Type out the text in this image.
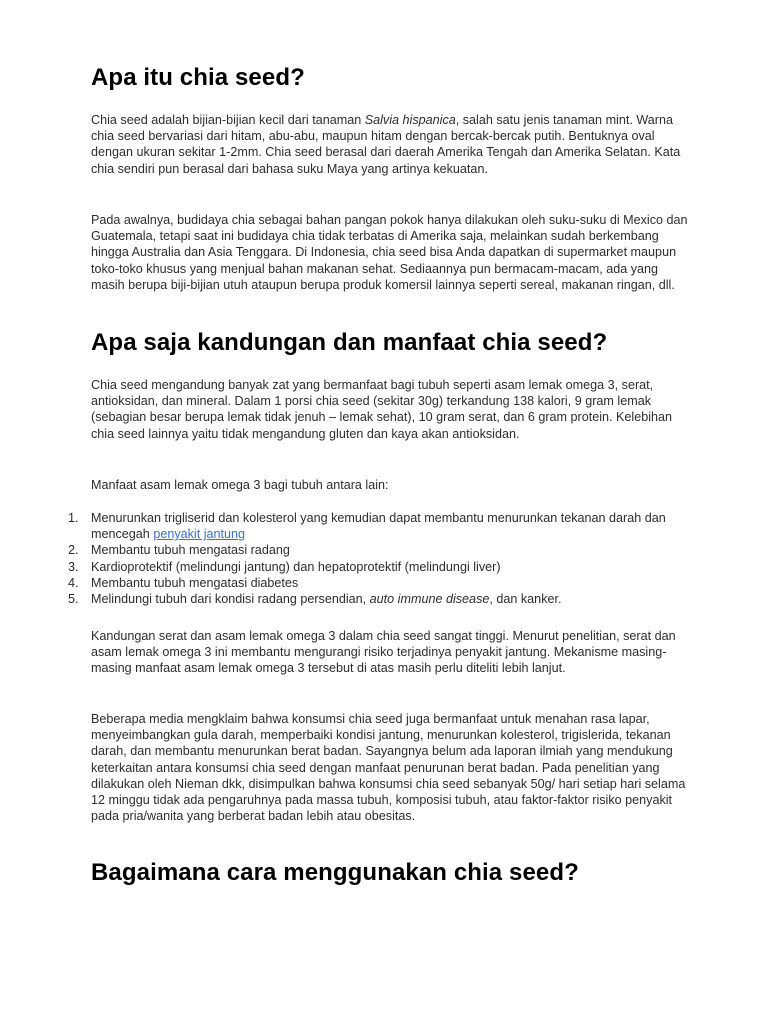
Apa itu chia seed?

Chia seed adalah bijian-bijian kecil dari tanaman Salvia hispanica, salah satu jenis tanaman mint. Warna chia seed bervariasi dari hitam, abu-abu, maupun hitam dengan bercak-bercak putih. Bentuknya oval dengan ukuran sekitar 1-2mm. Chia seed berasal dari daerah Amerika Tengah dan Amerika Selatan. Kata chia sendiri pun berasal dari bahasa suku Maya yang artinya kekuatan.

Pada awalnya, budidaya chia sebagai bahan pangan pokok hanya dilakukan oleh suku-suku di Mexico dan Guatemala, tetapi saat ini budidaya chia tidak terbatas di Amerika saja, melainkan sudah berkembang hingga Australia dan Asia Tenggara. Di Indonesia, chia seed bisa Anda dapatkan di supermarket maupun toko-toko khusus yang menjual bahan makanan sehat. Sediaannya pun bermacam-macam, ada yang masih berupa biji-bijian utuh ataupun berupa produk komersil lainnya seperti sereal, makanan ringan, dll.

Apa saja kandungan dan manfaat chia seed?

Chia seed mengandung banyak zat yang bermanfaat bagi tubuh seperti asam lemak omega 3, serat, antioksidan, dan mineral. Dalam 1 porsi chia seed (sekitar 30g) terkandung 138 kalori, 9 gram lemak (sebagian besar berupa lemak tidak jenuh – lemak sehat), 10 gram serat, dan 6 gram protein. Kelebihan chia seed lainnya yaitu tidak mengandung gluten dan kaya akan antioksidan.

Manfaat asam lemak omega 3 bagi tubuh antara lain:

1. Menurunkan trigliserid dan kolesterol yang kemudian dapat membantu menurunkan tekanan darah dan mencegah penyakit jantung
2. Membantu tubuh mengatasi radang
3. Kardioprotektif (melindungi jantung) dan hepatoprotektif (melindungi liver)
4. Membantu tubuh mengatasi diabetes
5. Melindungi tubuh dari kondisi radang persendian, auto immune disease, dan kanker.

Kandungan serat dan asam lemak omega 3 dalam chia seed sangat tinggi. Menurut penelitian, serat dan asam lemak omega 3 ini membantu mengurangi risiko terjadinya penyakit jantung. Mekanisme masing-masing manfaat asam lemak omega 3 tersebut di atas masih perlu diteliti lebih lanjut.

Beberapa media mengklaim bahwa konsumsi chia seed juga bermanfaat untuk menahan rasa lapar, menyeimbangkan gula darah, memperbaiki kondisi jantung, menurunkan kolesterol, trigislerida, tekanan darah, dan membantu menurunkan berat badan. Sayangnya belum ada laporan ilmiah yang mendukung keterkaitan antara konsumsi chia seed dengan manfaat penurunan berat badan. Pada penelitian yang dilakukan oleh Nieman dkk, disimpulkan bahwa konsumsi chia seed sebanyak 50g/ hari setiap hari selama 12 minggu tidak ada pengaruhnya pada massa tubuh, komposisi tubuh, atau faktor-faktor risiko penyakit pada pria/wanita yang berberat badan lebih atau obesitas.

Bagaimana cara menggunakan chia seed?
